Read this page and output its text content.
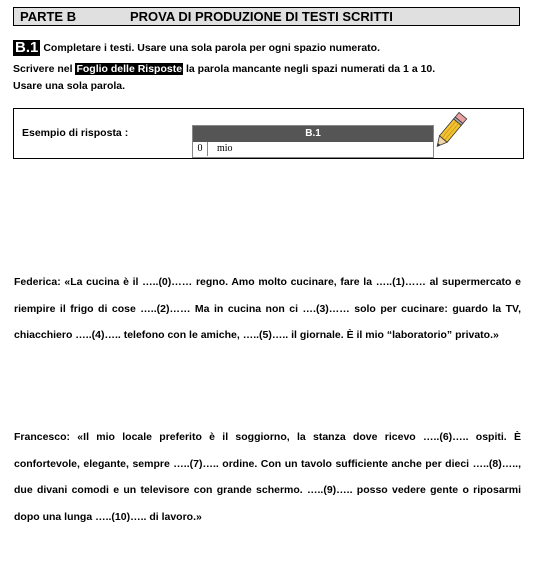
PARTE B	PROVA DI PRODUZIONE DI TESTI SCRITTI
B.1 Completare i testi. Usare una sola parola per ogni spazio numerato.
Scrivere nel Foglio delle Risposte la parola mancante negli spazi numerati da 1 a 10.
Usare una sola parola.
Esempio di risposta :	B.1
0	mio
Federica: «La cucina è il …..(0)…… regno. Amo molto cucinare, fare la …..(1)…… al supermercato e riempire il frigo di cose …..(2)…… Ma in cucina non ci ….(3)…… solo per cucinare: guardo la TV, chiacchiero …..(4)….. telefono con le amiche, …..(5)….. il giornale. È il mio “laboratorio” privato.»
Francesco: «Il mio locale preferito è il soggiorno, la stanza dove ricevo …..(6)….. ospiti. È confortevole, elegante, sempre …..(7)….. ordine. Con un tavolo sufficiente anche per dieci …..(8)….., due divani comodi e un televisore con grande schermo. …..(9)….. posso vedere gente o riposarmi dopo una lunga …..(10)….. di lavoro.»
